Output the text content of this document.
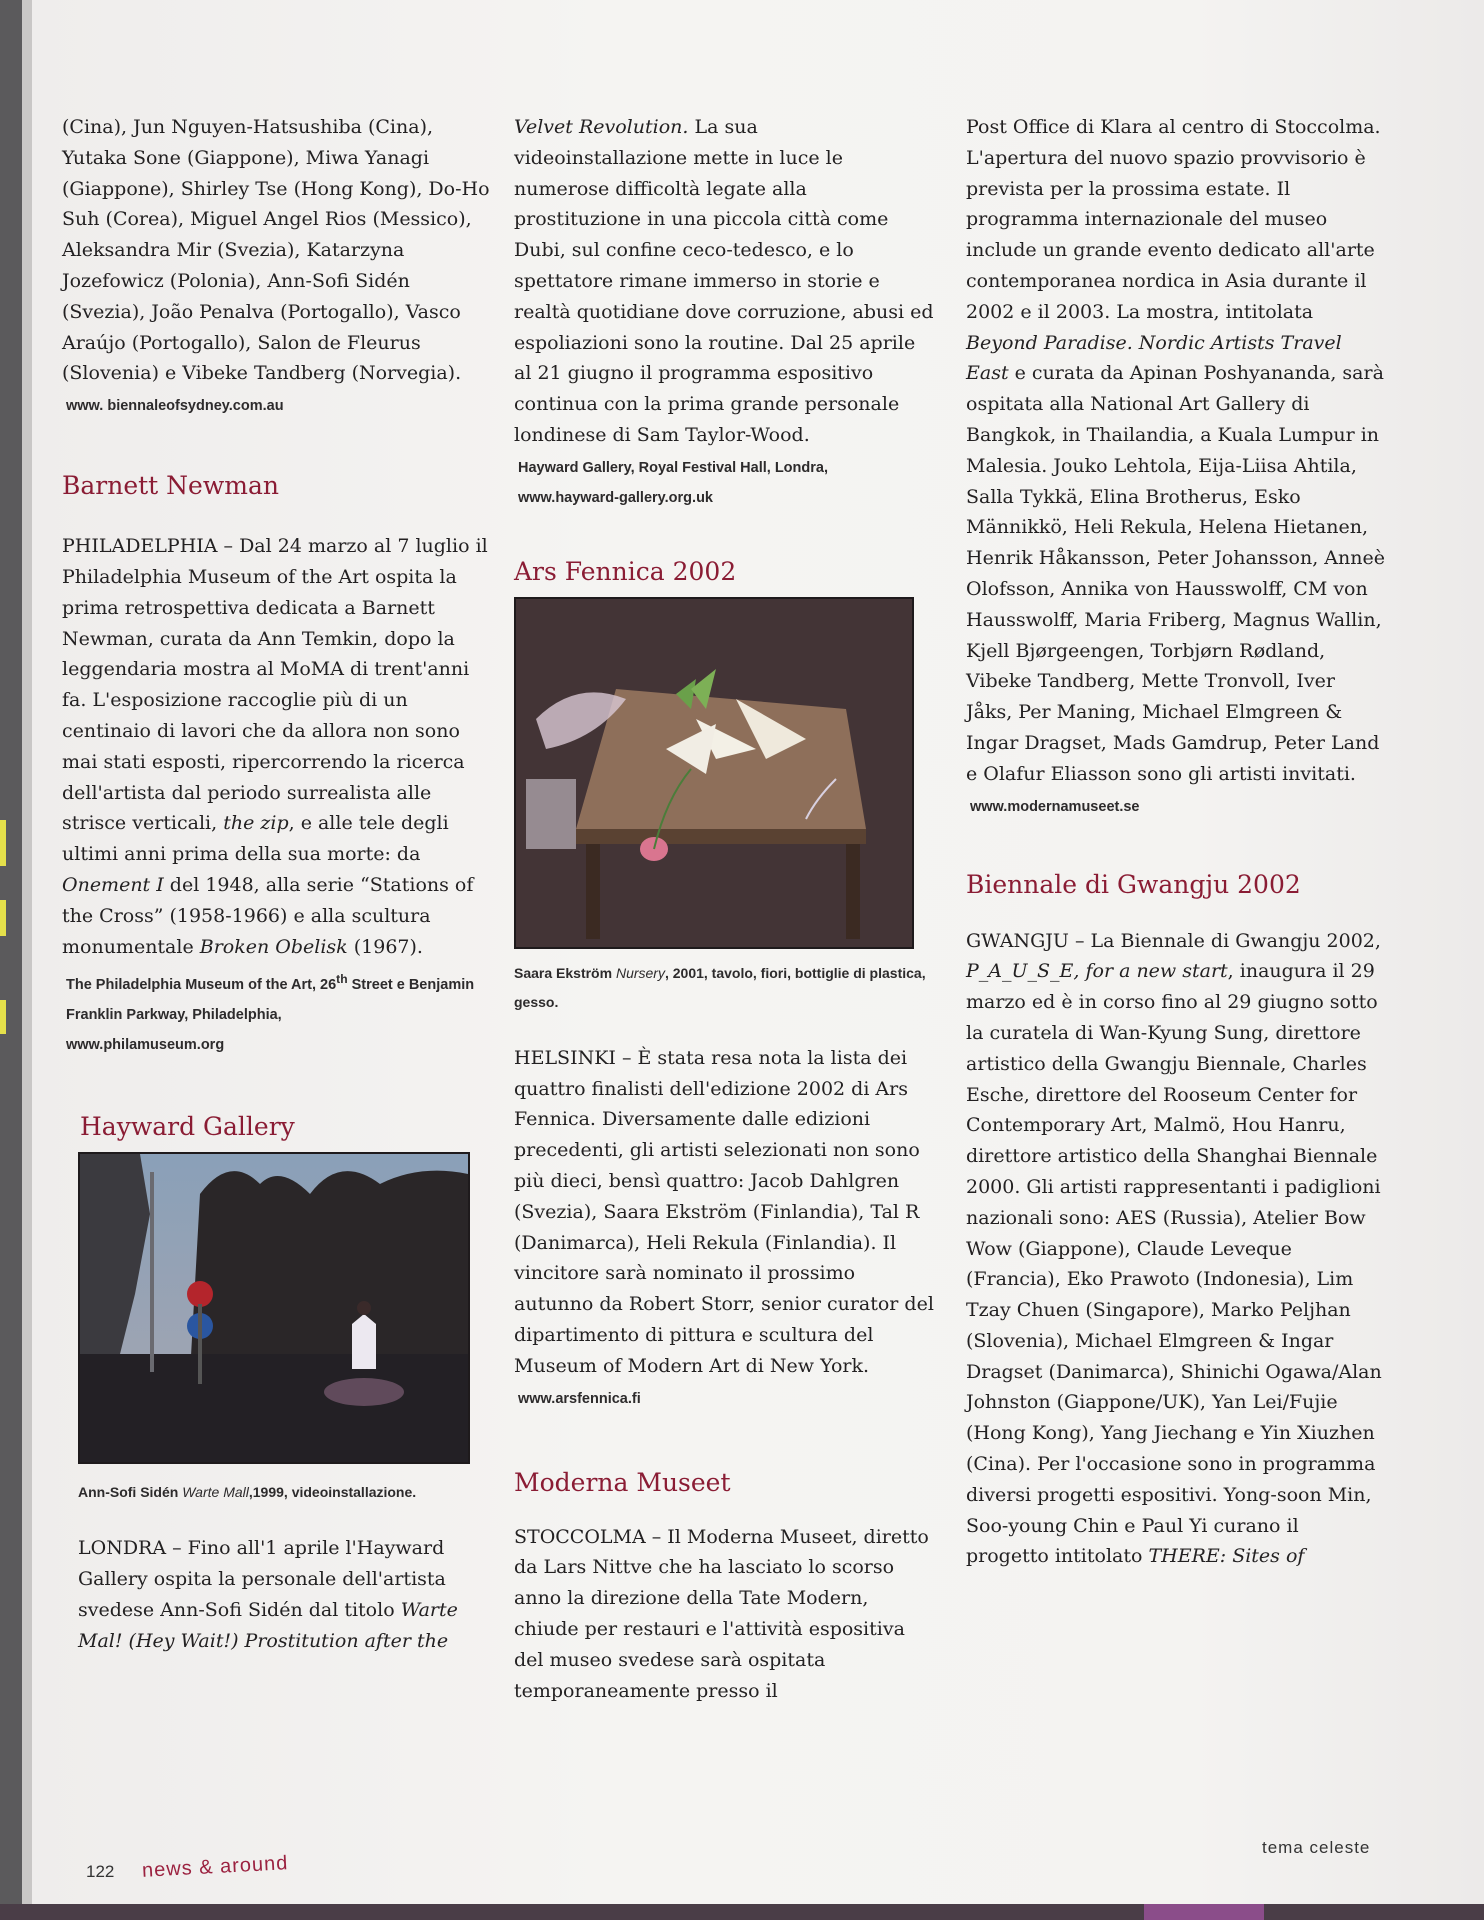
(Cina), Jun Nguyen-Hatsushiba (Cina), Yutaka Sone (Giappone), Miwa Yanagi (Giappone), Shirley Tse (Hong Kong), Do-Ho Suh (Corea), Miguel Angel Rios (Messico), Aleksandra Mir (Svezia), Katarzyna Jozefowicz (Polonia), Ann-Sofi Sidén (Svezia), João Penalva (Portogallo), Vasco Araújo (Portogallo), Salon de Fleurus (Slovenia) e Vibeke Tandberg (Norvegia).

www. biennaleofsydney.com.au
Barnett Newman

PHILADELPHIA – Dal 24 marzo al 7 luglio il Philadelphia Museum of the Art ospita la prima retrospettiva dedicata a Barnett Newman, curata da Ann Temkin, dopo la leggendaria mostra al MoMA di trent'anni fa. L'esposizione raccoglie più di un centinaio di lavori che da allora non sono mai stati esposti, ripercorrendo la ricerca dell'artista dal periodo surrealista alle strisce verticali, the zip, e alle tele degli ultimi anni prima della sua morte: da Onement I del 1948, alla serie “Stations of the Cross” (1958-1966) e alla scultura monumentale Broken Obelisk (1967).

The Philadelphia Museum of the Art, 26th Street e Benjamin Franklin Parkway, Philadelphia,
www.philamuseum.org
Hayward Gallery
Ann-Sofi Sidén Warte Mall,1999, videoinstallazione.

LONDRA – Fino all'1 aprile l'Hayward Gallery ospita la personale dell'artista svedese Ann-Sofi Sidén dal titolo Warte Mal! (Hey Wait!) Prostitution after the

Velvet Revolution. La sua videoinstallazione mette in luce le numerose difficoltà legate alla prostituzione in una piccola città come Dubi, sul confine ceco-tedesco, e lo spettatore rimane immerso in storie e realtà quotidiane dove corruzione, abusi ed espoliazioni sono la routine. Dal 25 aprile al 21 giugno il programma espositivo continua con la prima grande personale londinese di Sam Taylor-Wood.

Hayward Gallery, Royal Festival Hall, Londra,
www.hayward-gallery.org.uk
Ars Fennica 2002
Saara Ekström Nursery, 2001, tavolo, fiori, bottiglie di plastica, gesso.

HELSINKI – È stata resa nota la lista dei quattro finalisti dell'edizione 2002 di Ars Fennica. Diversamente dalle edizioni precedenti, gli artisti selezionati non sono più dieci, bensì quattro: Jacob Dahlgren (Svezia), Saara Ekström (Finlandia), Tal R (Danimarca), Heli Rekula (Finlandia). Il vincitore sarà nominato il prossimo autunno da Robert Storr, senior curator del dipartimento di pittura e scultura del Museum of Modern Art di New York.

www.arsfennica.fi
Moderna Museet

STOCCOLMA – Il Moderna Museet, diretto da Lars Nittve che ha lasciato lo scorso anno la direzione della Tate Modern, chiude per restauri e l'attività espositiva del museo svedese sarà ospitata temporaneamente presso il

Post Office di Klara al centro di Stoccolma. L'apertura del nuovo spazio provvisorio è prevista per la prossima estate. Il programma internazionale del museo include un grande evento dedicato all'arte contemporanea nordica in Asia durante il 2002 e il 2003. La mostra, intitolata Beyond Paradise. Nordic Artists Travel East e curata da Apinan Poshyananda, sarà ospitata alla National Art Gallery di Bangkok, in Thailandia, a Kuala Lumpur in Malesia. Jouko Lehtola, Eija-Liisa Ahtila, Salla Tykkä, Elina Brotherus, Esko Männikkö, Heli Rekula, Helena Hietanen, Henrik Håkansson, Peter Johansson, Anneè Olofsson, Annika von Hausswolff, CM von Hausswolff, Maria Friberg, Magnus Wallin, Kjell Bjørgeengen, Torbjørn Rødland, Vibeke Tandberg, Mette Tronvoll, Iver Jåks, Per Maning, Michael Elmgreen & Ingar Dragset, Mads Gamdrup, Peter Land e Olafur Eliasson sono gli artisti invitati.

www.modernamuseet.se
Biennale di Gwangju 2002

GWANGJU – La Biennale di Gwangju 2002, P_A_U_S_E, for a new start, inaugura il 29 marzo ed è in corso fino al 29 giugno sotto la curatela di Wan-Kyung Sung, direttore artistico della Gwangju Biennale, Charles Esche, direttore del Rooseum Center for Contemporary Art, Malmö, Hou Hanru, direttore artistico della Shanghai Biennale 2000. Gli artisti rappresentanti i padiglioni nazionali sono: AES (Russia), Atelier Bow Wow (Giappone), Claude Leveque (Francia), Eko Prawoto (Indonesia), Lim Tzay Chuen (Singapore), Marko Peljhan (Slovenia), Michael Elmgreen & Ingar Dragset (Danimarca), Shinichi Ogawa/Alan Johnston (Giappone/UK), Yan Lei/Fujie (Hong Kong), Yang Jiechang e Yin Xiuzhen (Cina). Per l'occasione sono in programma diversi progetti espositivi. Yong-soon Min, Soo-young Chin e Paul Yi curano il progetto intitolato THERE: Sites of

122 news & around
tema celeste
